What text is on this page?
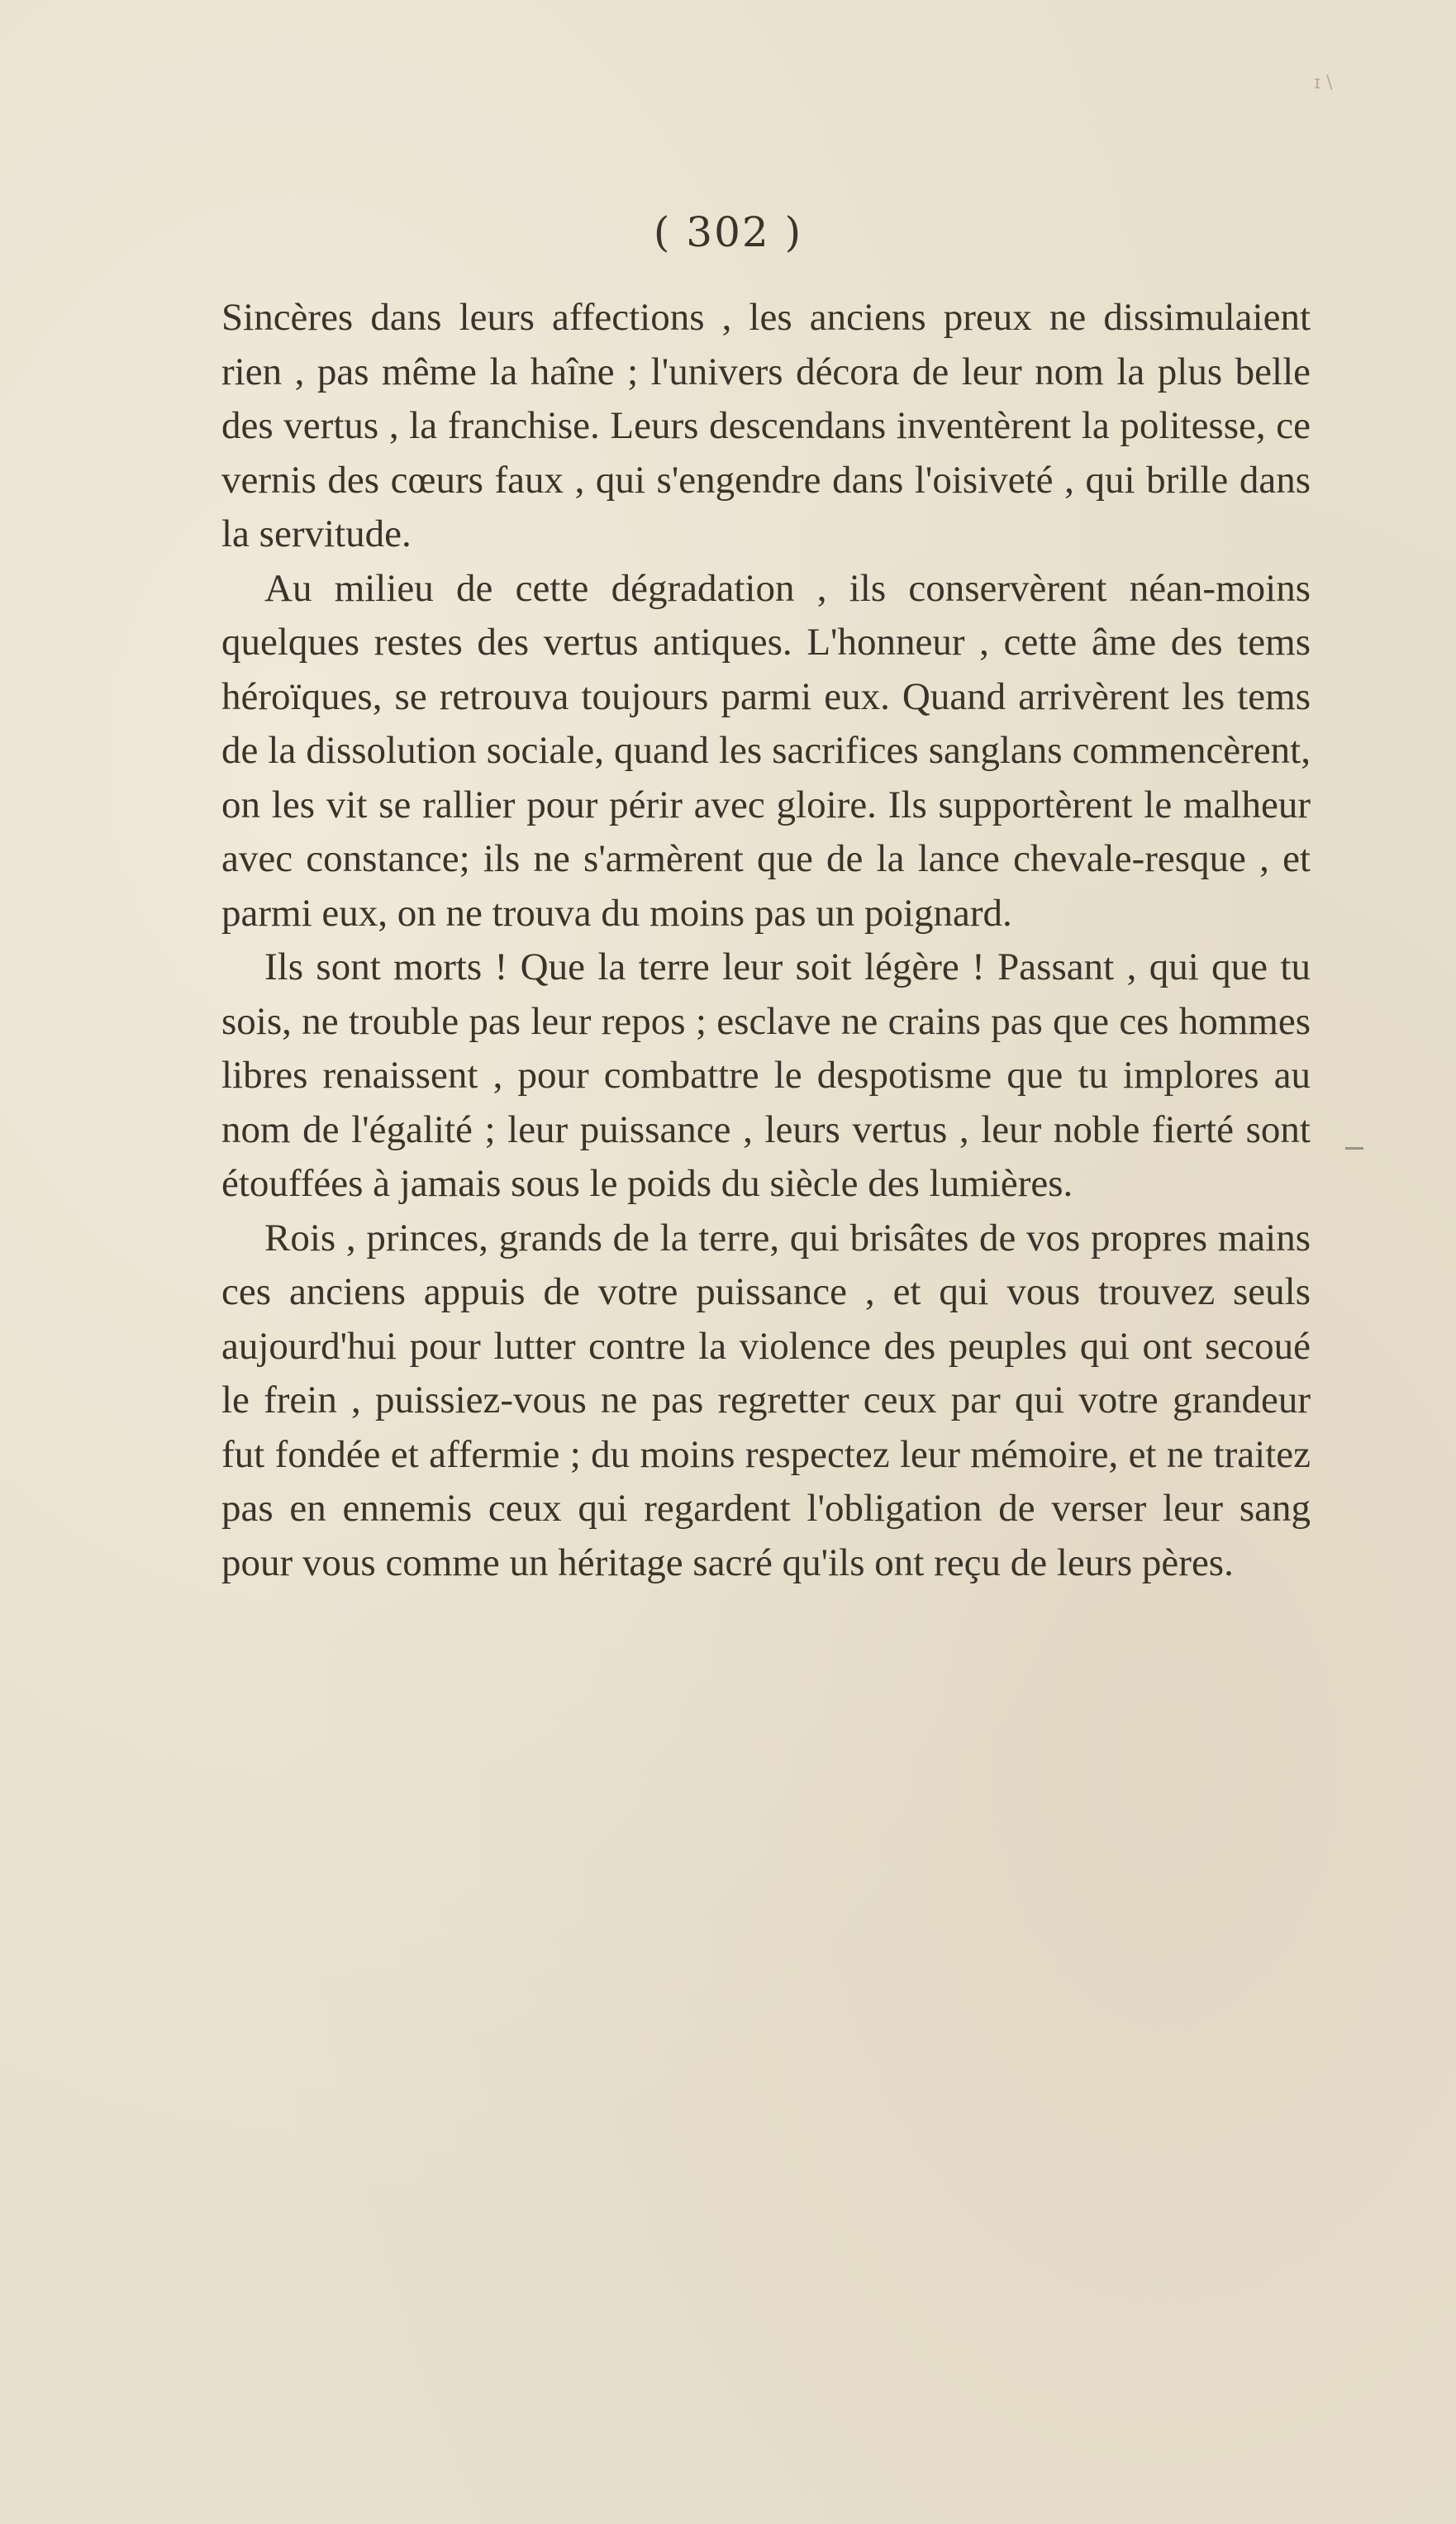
ɪ \
( 302 )

Sincères dans leurs affections , les anciens preux ne dissimulaient rien , pas même la haîne ; l'univers décora de leur nom la plus belle des vertus , la franchise. Leurs descendans inventèrent la politesse, ce vernis des cœurs faux , qui s'engendre dans l'oisiveté , qui brille dans la servitude.

Au milieu de cette dégradation , ils conservèrent néan-moins quelques restes des vertus antiques. L'honneur , cette âme des tems héroïques, se retrouva toujours parmi eux. Quand arrivèrent les tems de la dissolution sociale, quand les sacrifices sanglans commencèrent, on les vit se rallier pour périr avec gloire. Ils supportèrent le malheur avec constance; ils ne s'armèrent que de la lance chevale-resque , et parmi eux, on ne trouva du moins pas un poignard.

Ils sont morts ! Que la terre leur soit légère ! Passant , qui que tu sois, ne trouble pas leur repos ; esclave ne crains pas que ces hommes libres renaissent , pour combattre le despotisme que tu implores au nom de l'égalité ; leur puissance , leurs vertus , leur noble fierté sont étouffées à jamais sous le poids du siècle des lumières.

Rois , princes, grands de la terre, qui brisâtes de vos propres mains ces anciens appuis de votre puissance , et qui vous trouvez seuls aujourd'hui pour lutter contre la violence des peuples qui ont secoué le frein , puissiez-vous ne pas regretter ceux par qui votre grandeur fut fondée et affermie ; du moins respectez leur mémoire, et ne traitez pas en ennemis ceux qui regardent l'obligation de verser leur sang pour vous comme un héritage sacré qu'ils ont reçu de leurs pères.
